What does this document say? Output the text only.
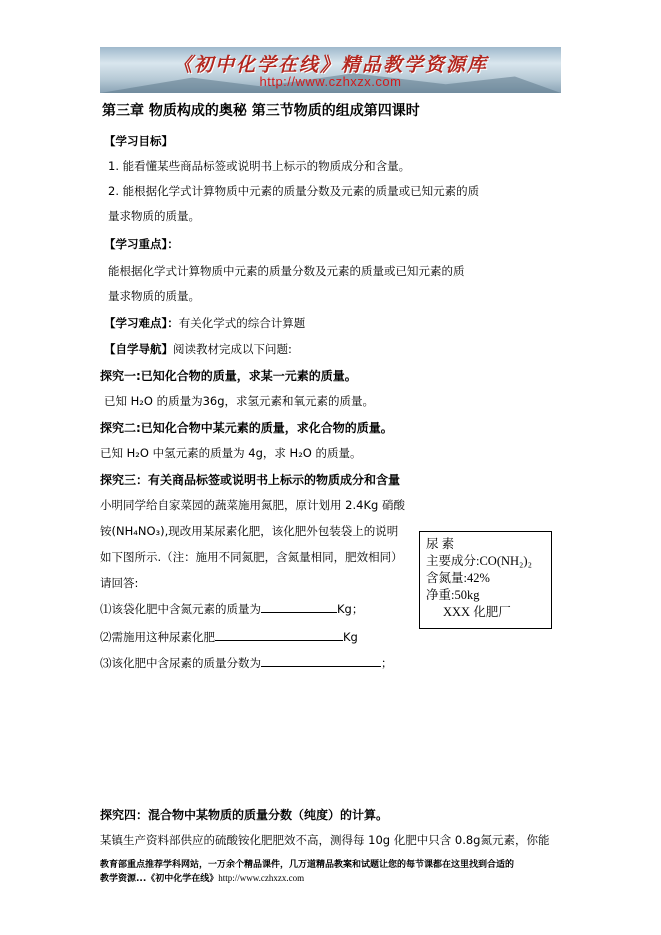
《初中化学在线》精品教学资源库
http://www.czhxzx.com
第三章 物质构成的奥秘 第三节物质的组成第四课时
【学习目标】
1. 能看懂某些商品标签或说明书上标示的物质成分和含量。
2. 能根据化学式计算物质中元素的质量分数及元素的质量或已知元素的质
量求物质的质量。
【学习重点】：
能根据化学式计算物质中元素的质量分数及元素的质量或已知元素的质
量求物质的质量。
【学习难点】：有关化学式的综合计算题
【自学导航】阅读教材完成以下问题:
探究一:已知化合物的质量，求某一元素的质量。
已知 H₂O 的质量为36g，求氢元素和氧元素的质量。
探究二:已知化合物中某元素的质量，求化合物的质量。
已知 H₂O 中氢元素的质量为 4g，求 H₂O 的质量。
探究三：有关商品标签或说明书上标示的物质成分和含量
小明同学给自家菜园的蔬菜施用氮肥，原计划用 2.4Kg 硝酸
铵(NH₄NO₃),现改用某尿素化肥，该化肥外包装袋上的说明
如下图所示.（注：施用不同氮肥，含氮量相同，肥效相同）
请回答:
⑴该袋化肥中含氮元素的质量为	Kg；
⑵需施用这种尿素化肥	Kg
⑶该化肥中含尿素的质量分数为	；
尿 素
主要成分:CO(NH₂)₂
含氮量:42%
净重:50kg
XXX 化肥厂
探究四：混合物中某物质的质量分数（纯度）的计算。
某镇生产资料部供应的硫酸铵化肥肥效不高，测得每 10g 化肥中只含 0.8g氮元素，你能
教育部重点推荐学科网站，一万余个精品课件，几万道精品教案和试题让您的每节课都在这里找到合适的
教学资源...《初中化学在线》http://www.czhxzx.com
